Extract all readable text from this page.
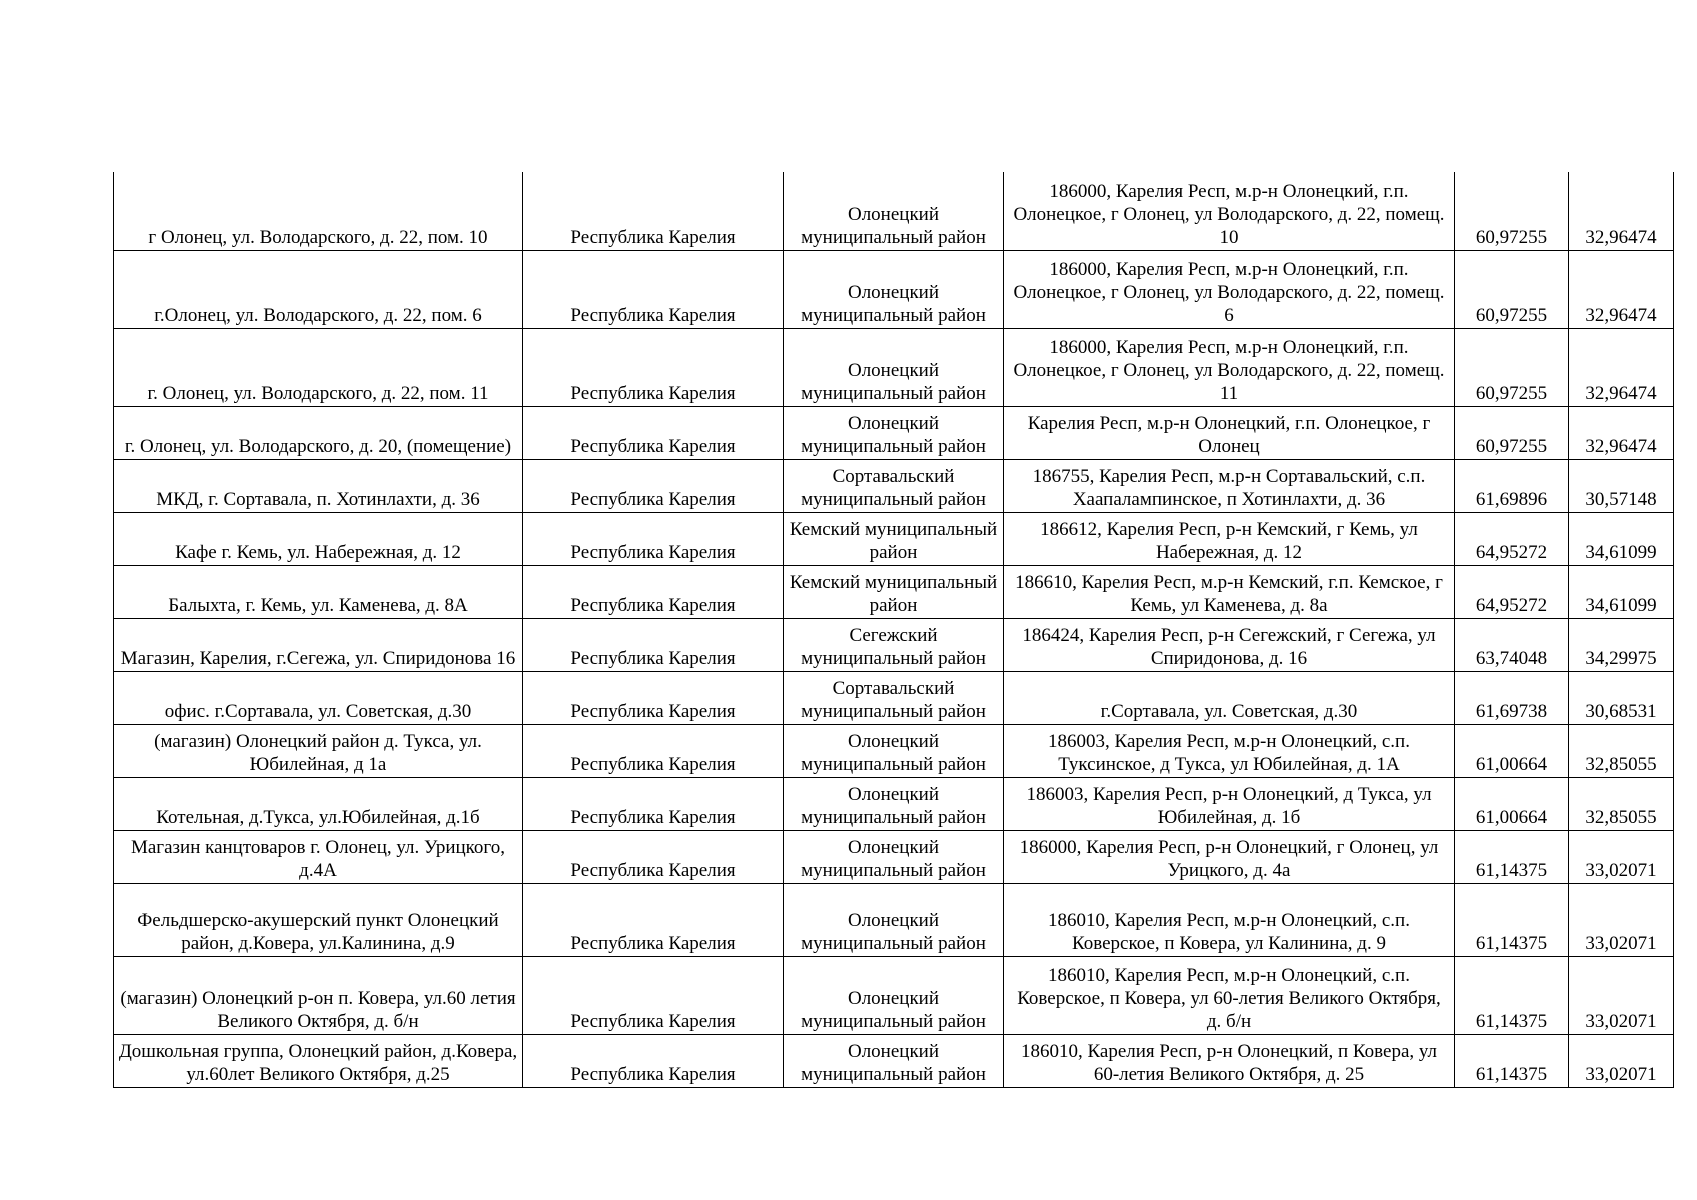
г Олонец, ул. Володарского, д. 22, пом. 10	Республика Карелия	Олонецкий муниципальный район	186000, Карелия Респ, м.р-н Олонецкий, г.п. Олонецкое, г Олонец, ул Володарского, д. 22, помещ. 10	60,97255	32,96474
г.Олонец, ул. Володарского, д. 22, пом. 6	Республика Карелия	Олонецкий муниципальный район	186000, Карелия Респ, м.р-н Олонецкий, г.п. Олонецкое, г Олонец, ул Володарского, д. 22, помещ. 6	60,97255	32,96474
г. Олонец, ул. Володарского, д. 22, пом. 11	Республика Карелия	Олонецкий муниципальный район	186000, Карелия Респ, м.р-н Олонецкий, г.п. Олонецкое, г Олонец, ул Володарского, д. 22, помещ. 11	60,97255	32,96474
г. Олонец, ул. Володарского, д. 20, (помещение)	Республика Карелия	Олонецкий муниципальный район	Карелия Респ, м.р-н Олонецкий, г.п. Олонецкое, г Олонец	60,97255	32,96474
МКД, г. Сортавала, п. Хотинлахти, д. 36	Республика Карелия	Сортавальский муниципальный район	186755, Карелия Респ, м.р-н Сортавальский, с.п. Хаапалампинское, п Хотинлахти, д. 36	61,69896	30,57148
Кафе г. Кемь, ул. Набережная, д. 12	Республика Карелия	Кемский муниципальный район	186612, Карелия Респ, р-н Кемский, г Кемь, ул Набережная, д. 12	64,95272	34,61099
Балыхта, г. Кемь, ул. Каменева, д. 8А	Республика Карелия	Кемский муниципальный район	186610, Карелия Респ, м.р-н Кемский, г.п. Кемское, г Кемь, ул Каменева, д. 8а	64,95272	34,61099
Магазин, Карелия, г.Сегежа, ул. Спиридонова 16	Республика Карелия	Сегежский муниципальный район	186424, Карелия Респ, р-н Сегежский, г Сегежа, ул Спиридонова, д. 16	63,74048	34,29975
офис. г.Сортавала, ул. Советская, д.30	Республика Карелия	Сортавальский муниципальный район	г.Сортавала, ул. Советская, д.30	61,69738	30,68531
(магазин) Олонецкий район д. Тукса, ул. Юбилейная, д 1а	Республика Карелия	Олонецкий муниципальный район	186003, Карелия Респ, м.р-н Олонецкий, с.п. Туксинское, д Тукса, ул Юбилейная, д. 1А	61,00664	32,85055
Котельная, д.Тукса, ул.Юбилейная, д.1б	Республика Карелия	Олонецкий муниципальный район	186003, Карелия Респ, р-н Олонецкий, д Тукса, ул Юбилейная, д. 1б	61,00664	32,85055
Магазин канцтоваров г. Олонец, ул. Урицкого, д.4А	Республика Карелия	Олонецкий муниципальный район	186000, Карелия Респ, р-н Олонецкий, г Олонец, ул Урицкого, д. 4а	61,14375	33,02071
Фельдшерско-акушерский пункт Олонецкий район, д.Ковера, ул.Калинина, д.9	Республика Карелия	Олонецкий муниципальный район	186010, Карелия Респ, м.р-н Олонецкий, с.п. Коверское, п Ковера, ул Калинина, д. 9	61,14375	33,02071
(магазин) Олонецкий р-он п. Ковера, ул.60 летия Великого Октября, д. б/н	Республика Карелия	Олонецкий муниципальный район	186010, Карелия Респ, м.р-н Олонецкий, с.п. Коверское, п Ковера, ул 60-летия Великого Октября, д. б/н	61,14375	33,02071
Дошкольная группа, Олонецкий район, д.Ковера, ул.60лет Великого Октября, д.25	Республика Карелия	Олонецкий муниципальный район	186010, Карелия Респ, р-н Олонецкий, п Ковера, ул 60-летия Великого Октября, д. 25	61,14375	33,02071
